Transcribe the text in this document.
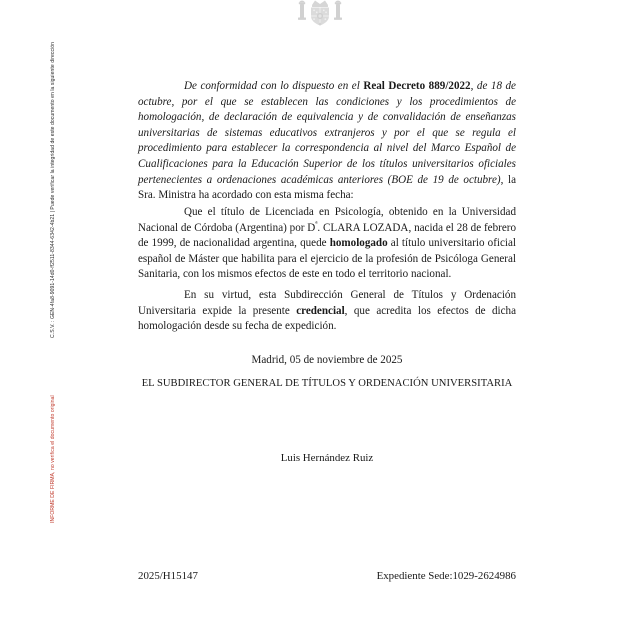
C.S.V. : GEN-4fa8-9091-14d0-ff2511-8344-6342-4b21 | Puede verificar la integridad de este documento en la siguiente dirección
INFORME DE FIRMA, no verifica el documento original

De conformidad con lo dispuesto en el Real Decreto 889/2022, de 18 de octubre, por el que se establecen las condiciones y los procedimientos de homologación, de declaración de equivalencia y de convalidación de enseñanzas universitarias de sistemas educativos extranjeros y por el que se regula el procedimiento para establecer la correspondencia al nivel del Marco Español de Cualificaciones para la Educación Superior de los títulos universitarios oficiales pertenecientes a ordenaciones académicas anteriores (BOE de 19 de octubre), la Sra. Ministra ha acordado con esta misma fecha:

Que el título de Licenciada en Psicología, obtenido en la Universidad Nacional de Córdoba (Argentina) por $D^ª$. CLARA LOZADA, nacida el 28 de febrero de 1999, de nacionalidad argentina, quede homologado al título universitario oficial español de Máster que habilita para el ejercicio de la profesión de Psicóloga General Sanitaria, con los mismos efectos de este en todo el territorio nacional.

En su virtud, esta Subdirección General de Títulos y Ordenación Universitaria expide la presente credencial, que acredita los efectos de dicha homologación desde su fecha de expedición.

Madrid, 05 de noviembre de 2025
EL SUBDIRECTOR GENERAL DE TÍTULOS Y ORDENACIÓN UNIVERSITARIA
Luis Hernández Ruiz
2025/H15147	Expediente Sede:1029-2624986
